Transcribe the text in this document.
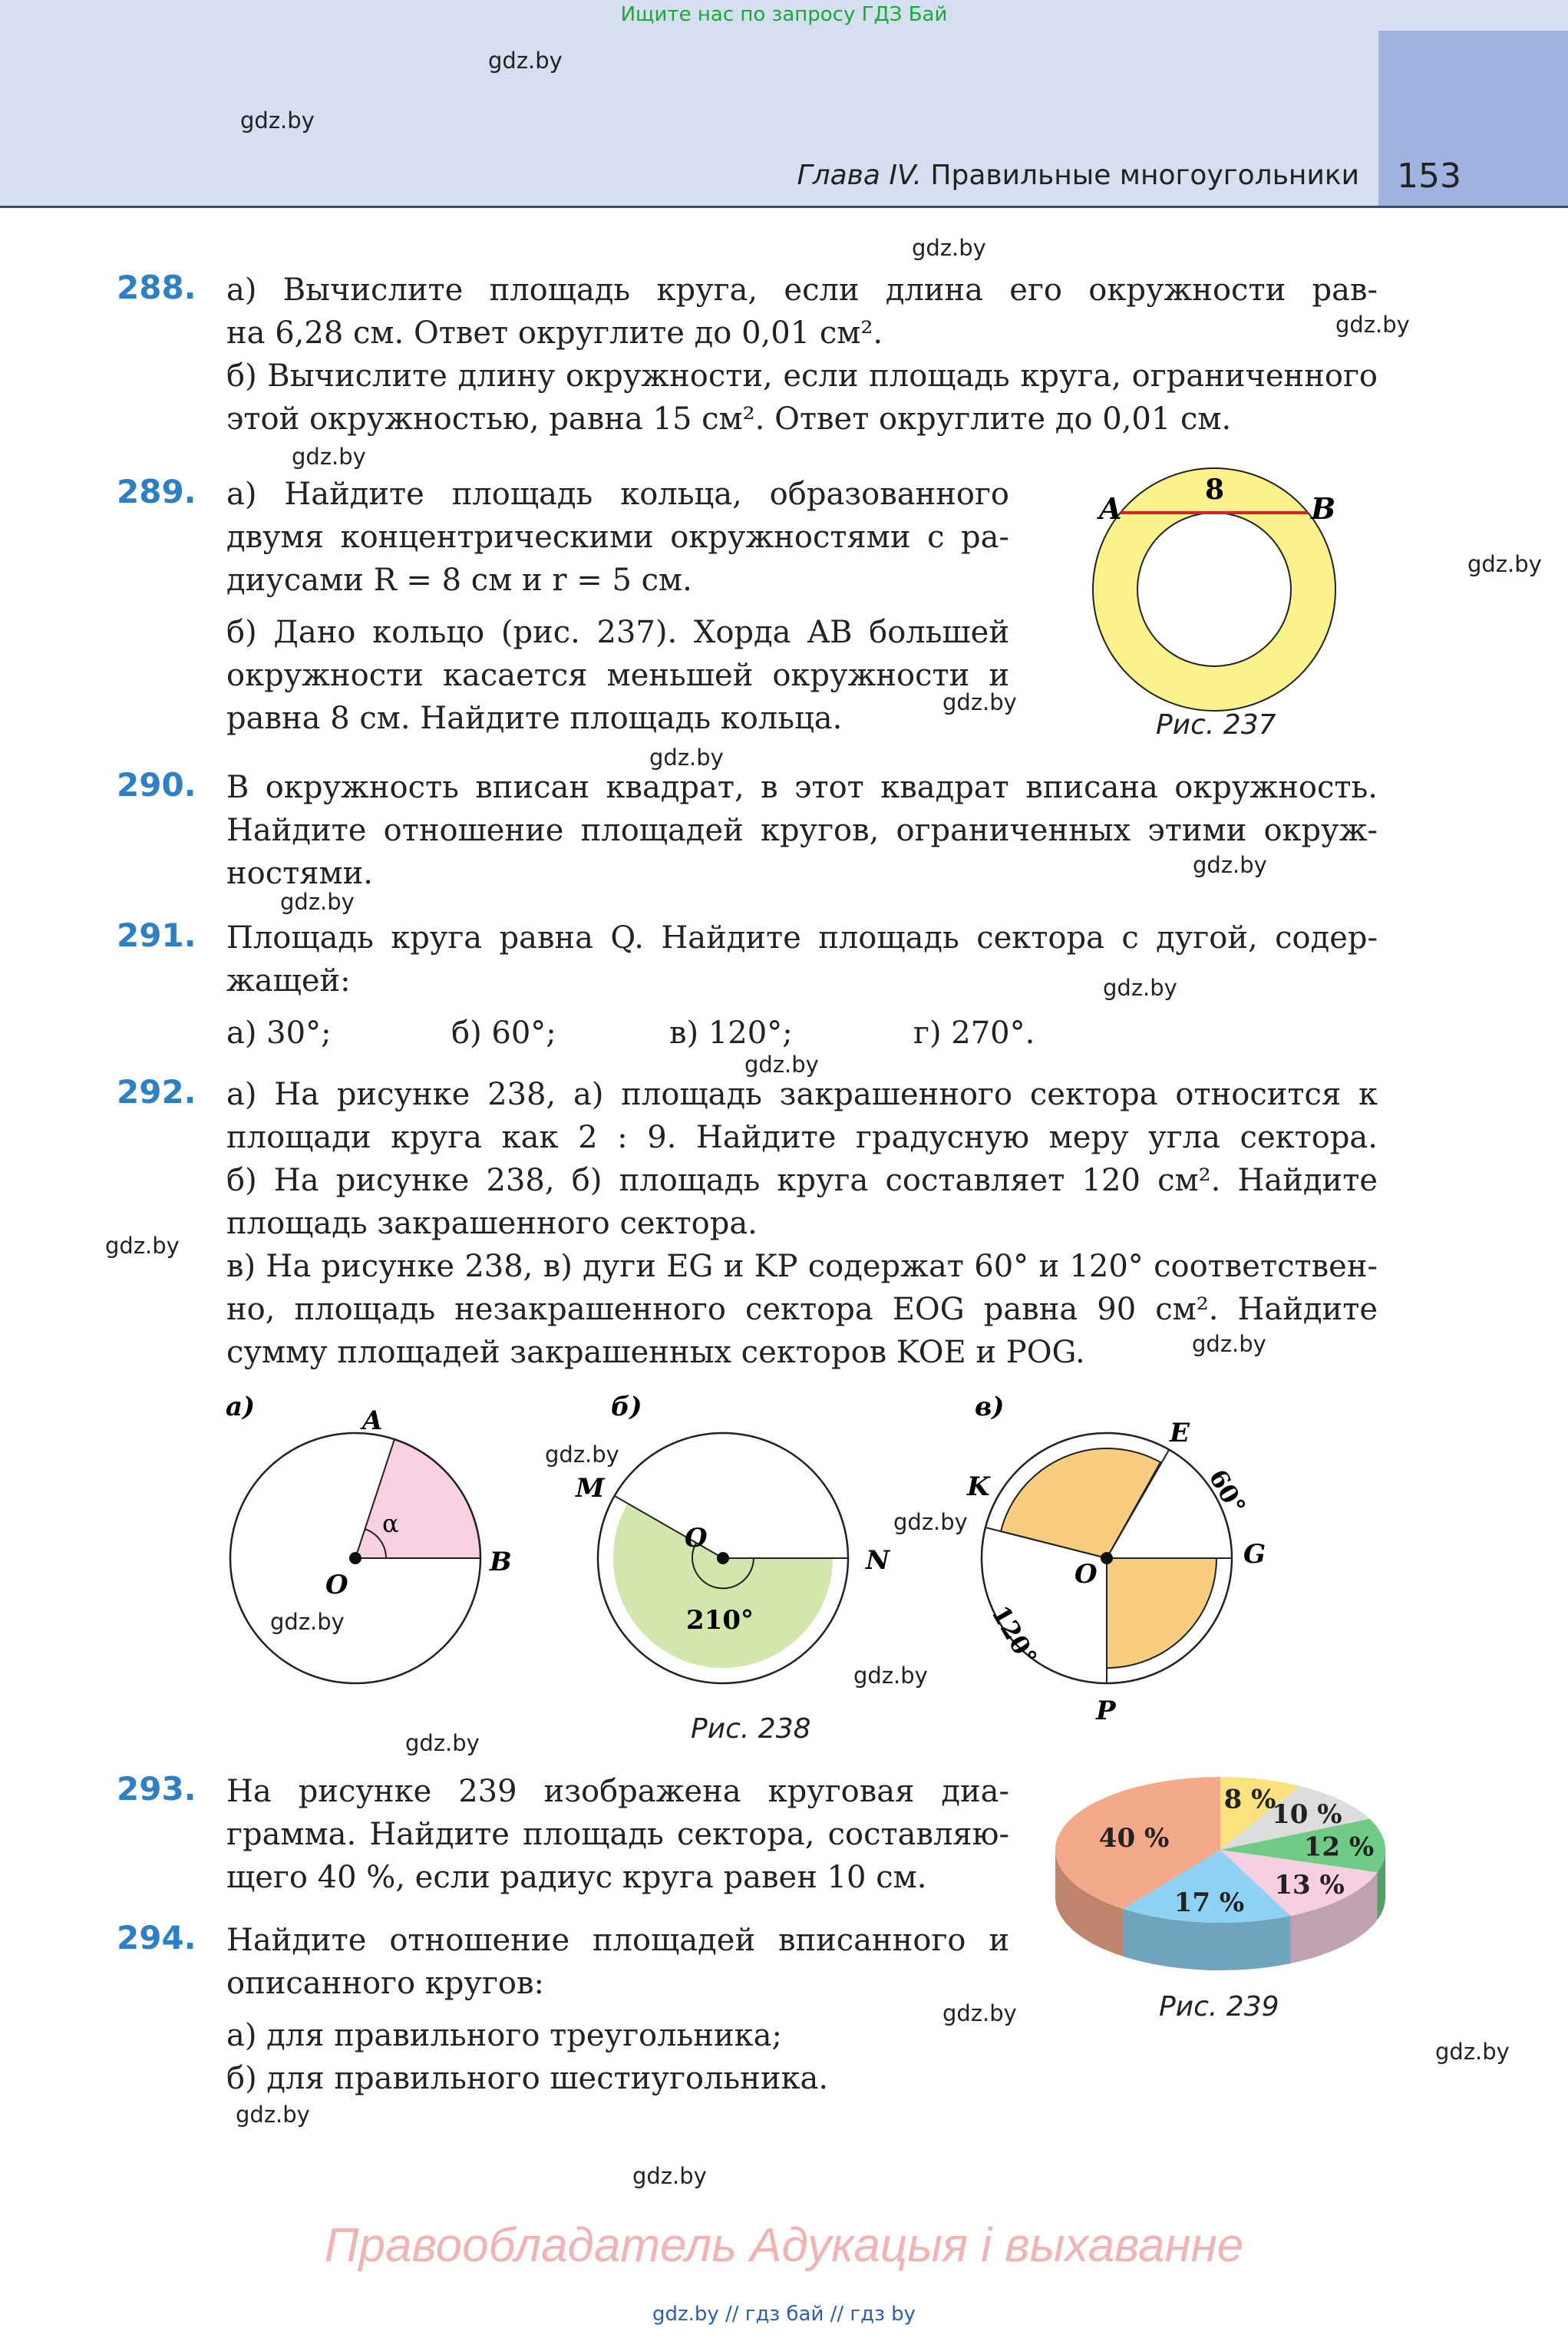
Ищите нас по запросу ГДЗ Бай
Глава IV. Правильные многоугольники 153
gdz.by
gdz.by
gdz.by
gdz.by
gdz.by
gdz.by
gdz.by
gdz.by
gdz.by
gdz.by
gdz.by
gdz.by
gdz.by
gdz.by
gdz.by
gdz.by
gdz.by
gdz.by
gdz.by
gdz.by
gdz.by
gdz.by
gdz.by
288. а) Вычислите площадь круга, если длина его окружности рав-
на 6,28 см. Ответ округлите до 0,01 см².
б) Вычислите длину окружности, если площадь круга, ограниченного
этой окружностью, равна 15 см². Ответ округлите до 0,01 см.
289. а) Найдите площадь кольца, образованного
двумя концентрическими окружностями с ра-
диусами R = 8 см и r = 5 см.
б) Дано кольцо (рис. 237). Хорда AB большей
окружности касается меньшей окружности и
равна 8 см. Найдите площадь кольца.
A	B
8
Рис. 237
290. В окружность вписан квадрат, в этот квадрат вписана окружность.
Найдите отношение площадей кругов, ограниченных этими окруж-
ностями.
291. Площадь круга равна Q. Найдите площадь сектора с дугой, содер-
жащей:
а) 30°;	б) 60°;	в) 120°;	г) 270°.
292. а) На рисунке 238, а) площадь закрашенного сектора относится к
площади круга как 2 : 9. Найдите градусную меру угла сектора.
б) На рисунке 238, б) площадь круга составляет 120 см². Найдите
площадь закрашенного сектора.
в) На рисунке 238, в) дуги EG и KP содержат 60° и 120° соответствен-
но, площадь незакрашенного сектора EOG равна 90 см². Найдите
сумму площадей закрашенных секторов KOE и POG.
а)
α
A
B
O
б)
O
M
N
210°
в)
O
E
K
G
P
60°
120°
Рис. 238
293. На рисунке 239 изображена круговая диа-
грамма. Найдите площадь сектора, составляю-
щего 40 %, если радиус круга равен 10 см.
8 %
10 %
12 %
13 %
17 %
40 %
Рис. 239
294. Найдите отношение площадей вписанного и
описанного кругов:
а) для правильного треугольника;
б) для правильного шестиугольника.
Правообладатель Адукацыя і выхаванне
gdz.by // гдз бай // гдз by
